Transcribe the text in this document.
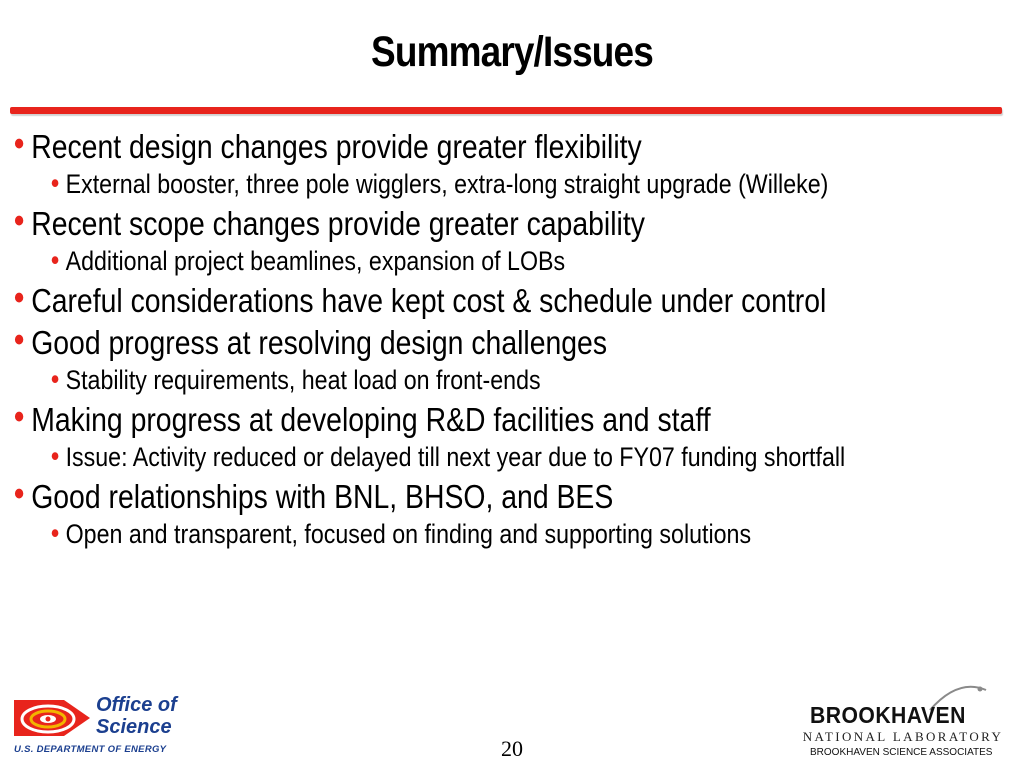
Summary/Issues
• Recent design changes provide greater flexibility
• External booster, three pole wigglers, extra-long straight upgrade (Willeke)
• Recent scope changes provide greater capability
• Additional project beamlines, expansion of LOBs
• Careful considerations have kept cost & schedule under control
• Good progress at resolving design challenges
• Stability requirements, heat load on front-ends
• Making progress at developing R&D facilities and staff
• Issue: Activity reduced or delayed till next year due to FY07 funding shortfall
• Good relationships with BNL, BHSO, and BES
• Open and transparent, focused on finding and supporting solutions
Office of
Science
U.S. DEPARTMENT OF ENERGY	20
BROOKHAVEN
NATIONAL LABORATORY
BROOKHAVEN SCIENCE ASSOCIATES
